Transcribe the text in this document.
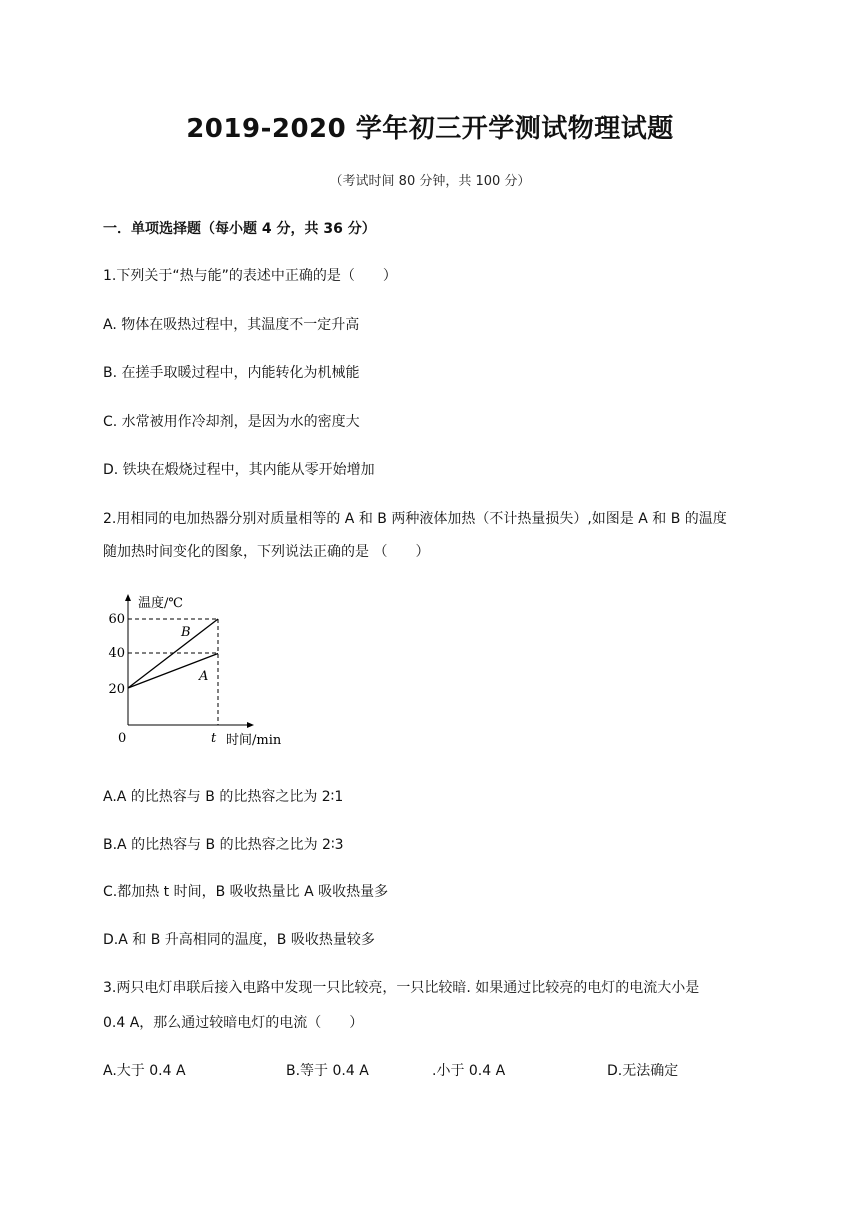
2019-2020 学年初三开学测试物理试题
（考试时间 80 分钟，共 100 分）
一．单项选择题（每小题 4 分，共 36 分）
1.下列关于“热与能”的表述中正确的是（　　）
A. 物体在吸热过程中，其温度不一定升高
B. 在搓手取暖过程中，内能转化为机械能
C. 水常被用作冷却剂，是因为水的密度大
D. 铁块在煅烧过程中，其内能从零开始增加
2.用相同的电加热器分别对质量相等的 A 和 B 两种液体加热（不计热量损失）,如图是 A 和 B 的温度
随加热时间变化的图象，下列说法正确的是 （　　）
温度/℃
60
40
20
0	t 时间/min
B
A
A.A 的比热容与 B 的比热容之比为 2∶1
B.A 的比热容与 B 的比热容之比为 2∶3
C.都加热 t 时间，B 吸收热量比 A 吸收热量多
D.A 和 B 升高相同的温度，B 吸收热量较多
3.两只电灯串联后接入电路中发现一只比较亮，一只比较暗. 如果通过比较亮的电灯的电流大小是
0.4 A，那么通过较暗电灯的电流（　　）
A.大于 0.4 A	B.等于 0.4 A	.小于 0.4 A	D.无法确定
